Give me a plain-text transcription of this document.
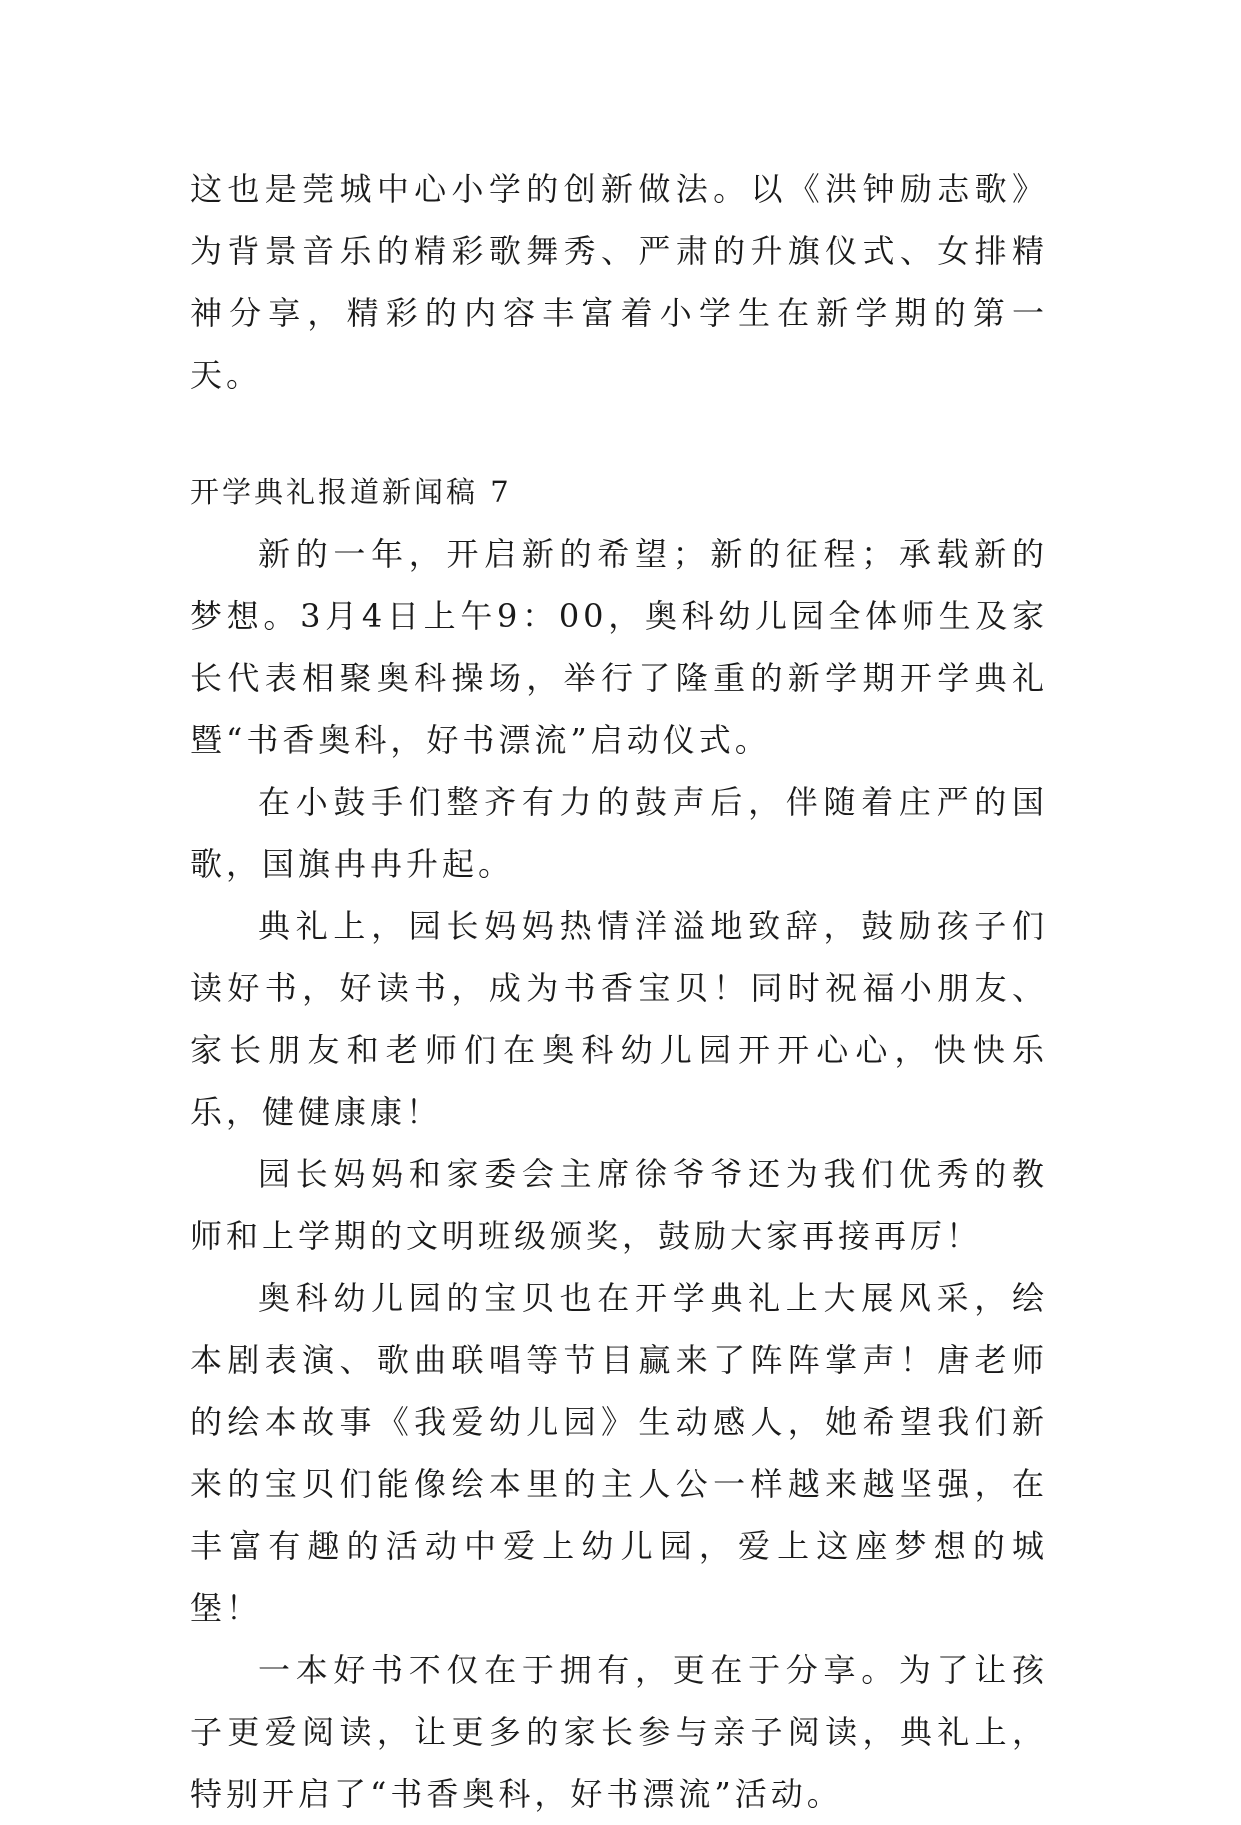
这也是莞城中心小学的创新做法。以《洪钟励志歌》为背景音乐的精彩歌舞秀、严肃的升旗仪式、女排精神分享，精彩的内容丰富着小学生在新学期的第一天。

开学典礼报道新闻稿 7

新的一年，开启新的希望；新的征程；承载新的梦想。3月4日上午9：00，奥科幼儿园全体师生及家长代表相聚奥科操场，举行了隆重的新学期开学典礼暨“书香奥科，好书漂流”启动仪式。

在小鼓手们整齐有力的鼓声后，伴随着庄严的国歌，国旗冉冉升起。

典礼上，园长妈妈热情洋溢地致辞，鼓励孩子们读好书，好读书，成为书香宝贝！同时祝福小朋友、家长朋友和老师们在奥科幼儿园开开心心，快快乐乐，健健康康！

园长妈妈和家委会主席徐爷爷还为我们优秀的教师和上学期的文明班级颁奖，鼓励大家再接再厉！

奥科幼儿园的宝贝也在开学典礼上大展风采，绘本剧表演、歌曲联唱等节目赢来了阵阵掌声！唐老师的绘本故事《我爱幼儿园》生动感人，她希望我们新来的宝贝们能像绘本里的主人公一样越来越坚强，在丰富有趣的活动中爱上幼儿园，爱上这座梦想的城堡！

一本好书不仅在于拥有，更在于分享。为了让孩子更爱阅读，让更多的家长参与亲子阅读，典礼上，特别开启了“书香奥科，好书漂流”活动。
